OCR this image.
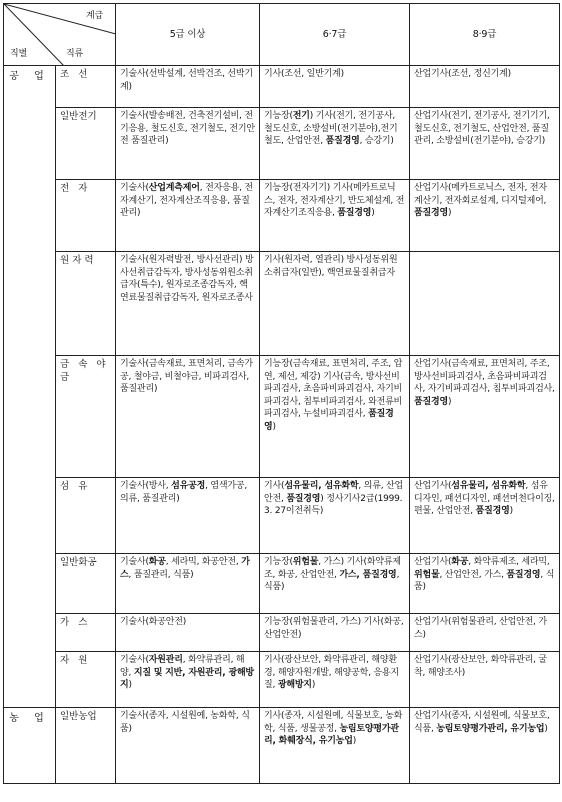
계급
직별 직류		5급 이상	6·7급	8·9급
공 업	조 선	기술사(선박설계, 선박건조, 선박기계)	기사(조선, 일반기계)	산업기사(조선, 정신기계)
	일반전기	기술사(발송배전, 건축전기설비, 전기응용, 철도신호, 전기철도, 전기안전 품질관리)	기능장(전기) 기사(전기, 전기공사, 철도신호, 소방설비(전기분야),전기철도, 산업안전, 품질경영, 승강기)	산업기사(전기, 전기공사, 전기기기, 철도신호, 전기철도, 산업안전, 품질관리, 소방설비(전기분야), 승강기)
	전 자	기술사(산업계측제어, 전자응용, 전자계산기, 전자계산조직응용, 품질관리)	기능장(전자기기) 기사(메카트로닉스, 전자, 전자계산기, 반도체설계, 전자계산기조직응용, 품질경영)	산업기사(메카트로닉스, 전자, 전자계산기, 전자회로설계, 디지털제어, 품질경영)
	원 자 력	기술사(원자력발전, 방사선관리) 방사선취급감독자, 방사성동위원소취급자(특수), 원자로조종감독자, 핵연료물질취급감독자, 원자로조종사	기사(원자력, 열관리) 방사성동위원소취급자(일반), 핵연료물질취급자	
	금 속 야 금	기술사(금속재료, 표면처리, 금속가공, 철야금, 비철야금, 비파괴검사, 품질관리)	기능장(금속재료, 표면처리, 주조, 압연, 제선, 제강) 기사(금속, 방사선비파괴검사, 초음파비파괴검사, 자기비파괴검사, 침투비파괴검사, 와전류비파괴검사, 누설비파괴검사, 품질경영)	산업기사(금속재료, 표면처리, 주조, 방사선비파괴검사, 초음파비파괴검사, 자기비파괴검사, 침투비파괴검사, 품질경영)
	섬 유	기술사(방사, 섬유공정, 염색가공, 의류, 품질관리)	기사(섬유물리, 섬유화학, 의류, 산업안전, 품질경영) 정사기사2급(1999. 3. 27이전취득)	산업기사(섬유물리, 섬유화학, 섬유디자인, 패션디자인, 패션머천다이징, 편물, 산업안전, 품질경영)
	일반화공	기술사(화공, 세라믹, 화공안전, 가스, 품질관리, 식품)	기능장(위험물, 가스) 기사(화약류제조, 화공, 산업안전, 가스, 품질경영, 식품)	산업기사(화공, 화약류제조, 세라믹, 위험물, 산업안전, 가스, 품질경영, 식품)
	가 스	기술사(화공안전)	기능장(위험물관리, 가스) 기사(화공, 산업안전)	산업기사(위험물관리, 산업안전, 가스)
	자 원	기술사(자원관리, 화약류관리, 해양, 지질 및 지반, 자원관리, 광해방지)	기사(광산보안, 화약류관리, 해양환경, 해양자원개발, 해양공학, 응용지질, 광해방지)	산업기사(광산보안, 화약류관리, 굴착, 해양조사)
농 업	일반농업	기술사(종자, 시설원예, 농화학, 식품)	기사(종자, 시설원예, 식물보호, 농화학, 식품, 생물공정, 농림토양평가관리, 화훼장식, 유기농업)	산업기사(종자, 시설원예, 식물보호, 식품, 농림토양평가관리, 유기농업)
